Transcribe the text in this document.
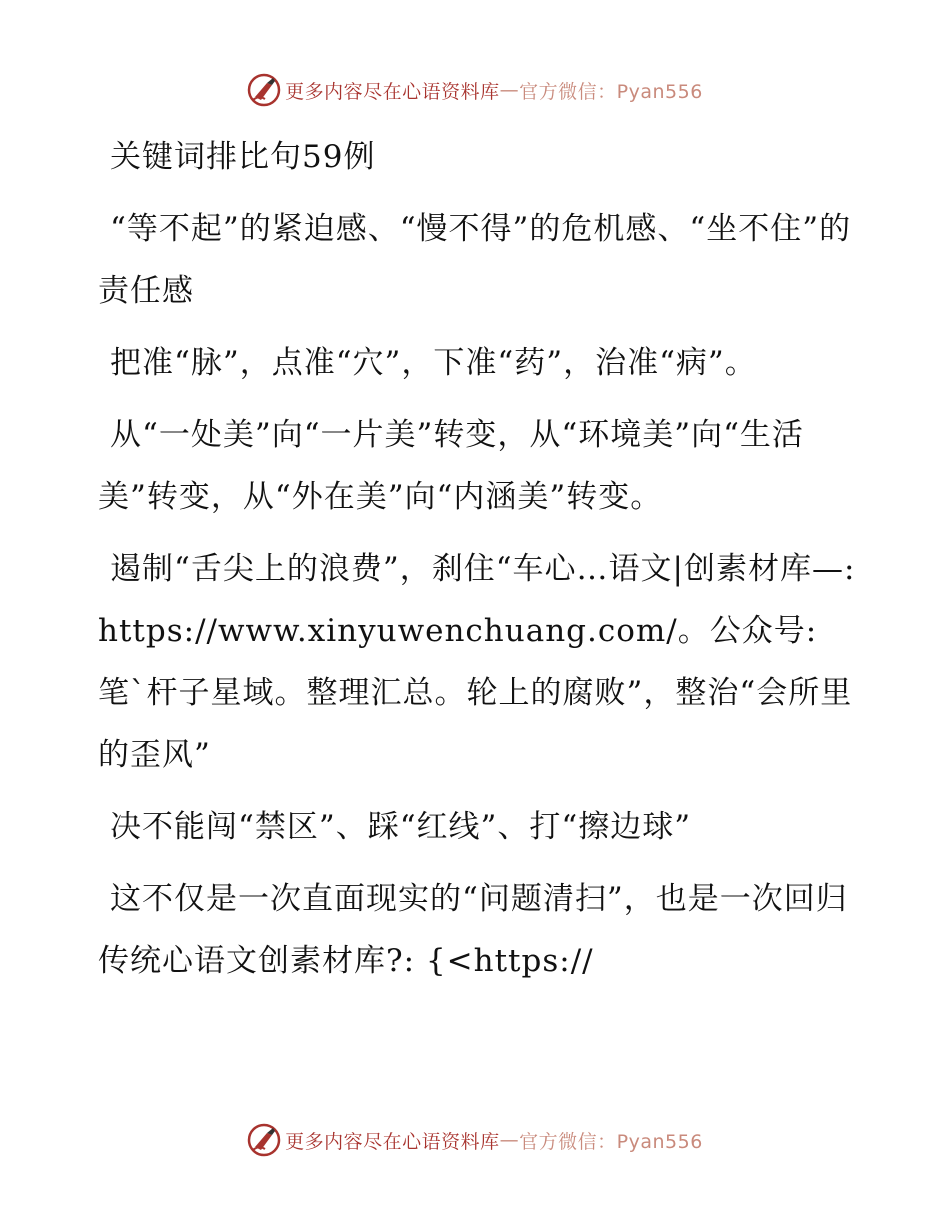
更多内容尽在心语资料库 — 官方微信：Pyan556

关键词排比句59例

“等不起”的紧迫感、“慢不得”的危机感、“坐不住”的责任感

把准“脉”，点准“穴”，下准“药”，治准“病”。

从“一处美”向“一片美”转变，从“环境美”向“生活美”转变，从“外在美”向“内涵美”转变。

遏制“舌尖上的浪费”，刹住“车心…语文|创素材库—: https://www.xinyuwenchuang.com/。公众号: 笔`杆子星域。整理汇总。轮上的腐败”，整治“会所里的歪风”

决不能闯“禁区”、踩“红线”、打“擦边球”

这不仅是一次直面现实的“问题清扫”，也是一次回归传统心语文创素材库?: {<https://

更多内容尽在心语资料库 — 官方微信：Pyan556
